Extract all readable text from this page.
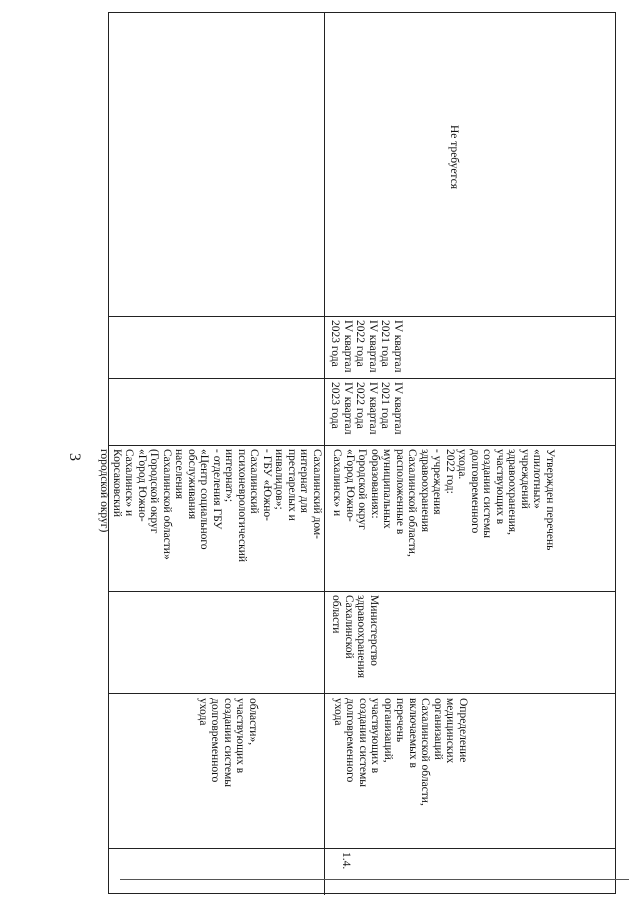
3

области»,
участвующих в
создании системы
долговременного
ухода

Сахалинский дом-
интернат для
престарелых и
инвалидов»;
- ГБУ «Южно-
Сахалинский
психоневрологический
интернат»;
- отделения ГБУ
«Центр социального
обслуживания
населения
Сахалинской области»
(Городской округ
«Город Южно-
Сахалинск» и
Корсаковский
городской округ)

1.4.

Определение
медицинских
организаций
Сахалинской области,
включаемых в
перечень
организаций,
участвующих в
создании системы
долговременного
ухода

Министерство
здравоохранения
Сахалинской
области

Утвержден перечень
«пилотных»
учреждений
здравоохранения,
участвующих в
создании системы
долговременного
ухода.
2022 год:
- учреждения
здравоохранения
Сахалинской области,
расположенные в
муниципальных
образованиях:
Городской округ
«Город Южно-
Сахалинск» и

IV квартал
2021 года
IV квартал
2022 года
IV квартал
2023 года

IV квартал
2021 года
IV квартал
2022 года
IV квартал
2023 года

Не требуется
